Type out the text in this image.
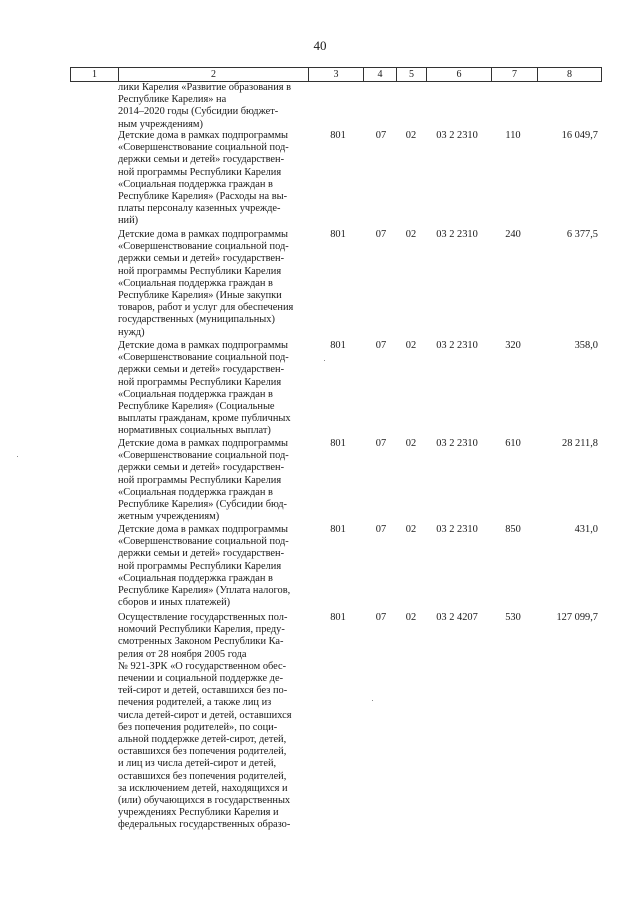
40
1	2	3	4	5	6	7	8
лики Карелия «Развитие образования в
Республике Карелия» на
2014–2020 годы (Субсидии бюджет-
ным учреждениям)
Детские дома в рамках подпрограммы
«Совершенствование социальной под-
держки семьи и детей» государствен-
ной программы Республики Карелия
«Социальная поддержка граждан в
Республике Карелия» (Расходы на вы-
платы персоналу казенных учрежде-
ний)
801	07	02	03 2 2310	110	16 049,7
Детские дома в рамках подпрограммы
«Совершенствование социальной под-
держки семьи и детей» государствен-
ной программы Республики Карелия
«Социальная поддержка граждан в
Республике Карелия» (Иные закупки
товаров, работ и услуг для обеспечения
государственных (муниципальных)
нужд)
801	07	02	03 2 2310	240	6 377,5
Детские дома в рамках подпрограммы
«Совершенствование социальной под-
держки семьи и детей» государствен-
ной программы Республики Карелия
«Социальная поддержка граждан в
Республике Карелия» (Социальные
выплаты гражданам, кроме публичных
нормативных социальных выплат)
801	07	02	03 2 2310	320	358,0
Детские дома в рамках подпрограммы
«Совершенствование социальной под-
держки семьи и детей» государствен-
ной программы Республики Карелия
«Социальная поддержка граждан в
Республике Карелия» (Субсидии бюд-
жетным учреждениям)
801	07	02	03 2 2310	610	28 211,8
Детские дома в рамках подпрограммы
«Совершенствование социальной под-
держки семьи и детей» государствен-
ной программы Республики Карелия
«Социальная поддержка граждан в
Республике Карелия» (Уплата налогов,
сборов и иных платежей)
801	07	02	03 2 2310	850	431,0
Осуществление государственных пол-
номочий Республики Карелия, преду-
смотренных Законом Республики Ка-
релия от 28 ноября 2005 года
№ 921-ЗРК «О государственном обес-
печении и социальной поддержке де-
тей-сирот и детей, оставшихся без по-
печения родителей, а также лиц из
числа детей-сирот и детей, оставшихся
без попечения родителей», по соци-
альной поддержке детей-сирот, детей,
оставшихся без попечения родителей,
и лиц из числа детей-сирот и детей,
оставшихся без попечения родителей,
за исключением детей, находящихся и
(или) обучающихся в государственных
учреждениях Республики Карелия и
федеральных государственных образо-
801	07	02	03 2 4207	530	127 099,7
